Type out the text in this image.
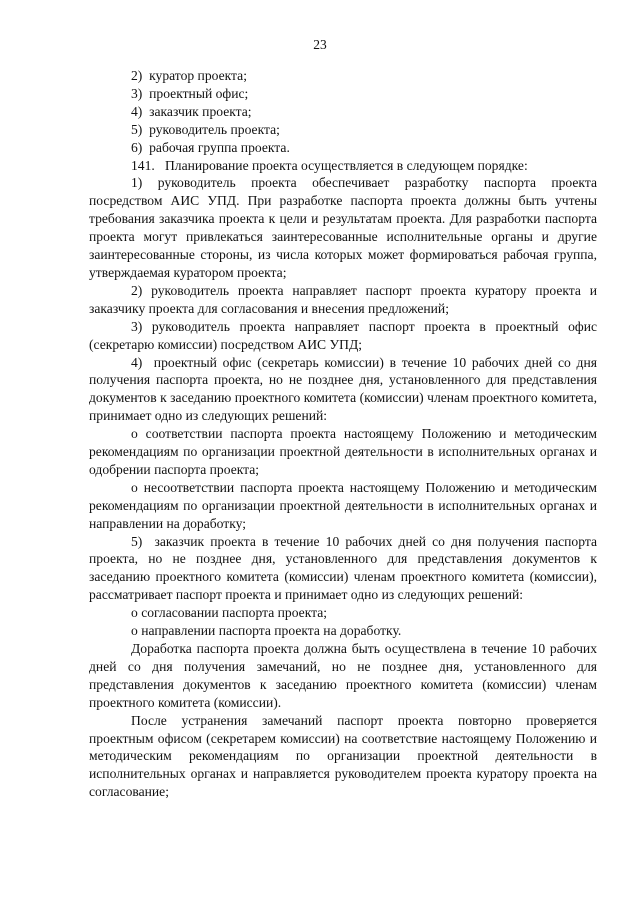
23

2)  куратор проекта;

3)  проектный офис;

4)  заказчик проекта;

5)  руководитель проекта;

6)  рабочая группа проекта.

141.   Планирование проекта осуществляется в следующем порядке:

1) руководитель проекта обеспечивает разработку паспорта проекта посредством АИС УПД. При разработке паспорта проекта должны быть учтены требования заказчика проекта к цели и результатам проекта. Для разработки паспорта проекта могут привлекаться заинтересованные исполнительные органы и другие заинтересованные стороны, из числа которых может формироваться рабочая группа, утверждаемая куратором проекта;

2) руководитель проекта направляет паспорт проекта куратору проекта и заказчику проекта для согласования и внесения предложений;

3) руководитель проекта направляет паспорт проекта в проектный офис (секретарю комиссии) посредством АИС УПД;

4)  проектный офис (секретарь комиссии) в течение 10 рабочих дней со дня получения паспорта проекта, но не позднее дня, установленного для представления документов к заседанию проектного комитета (комиссии) членам проектного комитета, принимает одно из следующих решений:

о соответствии паспорта проекта настоящему Положению и методическим рекомендациям по организации проектной деятельности в исполнительных органах и одобрении паспорта проекта;

о несоответствии паспорта проекта настоящему Положению и методическим рекомендациям по организации проектной деятельности в исполнительных органах и направлении на доработку;

5)  заказчик проекта в течение 10 рабочих дней со дня получения паспорта проекта, но не позднее дня, установленного для представления документов к заседанию проектного комитета (комиссии) членам проектного комитета (комиссии), рассматривает паспорт проекта и принимает одно из следующих решений:

о согласовании паспорта проекта;

о направлении паспорта проекта на доработку.

Доработка паспорта проекта должна быть осуществлена в течение 10 рабочих дней со дня получения замечаний, но не позднее дня, установленного для представления документов к заседанию проектного комитета (комиссии) членам проектного комитета (комиссии).

После устранения замечаний паспорт проекта повторно проверяется проектным офисом (секретарем комиссии) на соответствие настоящему Положению и методическим рекомендациям по организации проектной деятельности в исполнительных органах и направляется руководителем проекта куратору проекта на согласование;
